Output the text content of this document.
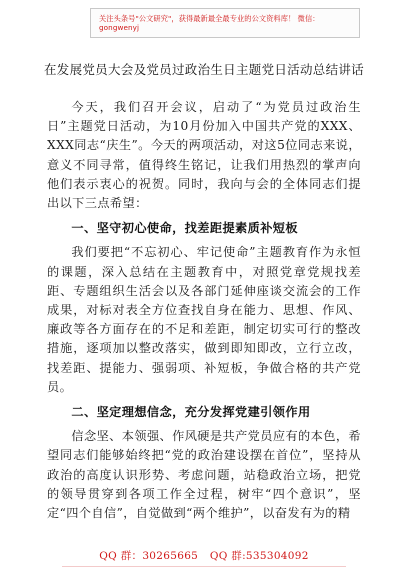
关注头条号"公文研究"，获得最新最全最专业的公文资料库！ 微信：gongwenyj
在发展党员大会及党员过政治生日主题党日活动总结讲话

今天，我们召开会议，启动了“为党员过政治生日”主题党日活动，为10月份加入中国共产党的XXX、XXX同志“庆生”。今天的两项活动，对这5位同志来说，意义不同寻常，值得终生铭记，让我们用热烈的掌声向他们表示衷心的祝贺。同时，我向与会的全体同志们提出以下三点希望：

一、坚守初心使命，找差距提素质补短板

我们要把“不忘初心、牢记使命”主题教育作为永恒的课题，深入总结在主题教育中，对照党章党规找差距、专题组织生活会以及各部门延伸座谈交流会的工作成果，对标对表全方位查找自身在能力、思想、作风、廉政等各方面存在的不足和差距，制定切实可行的整改措施，逐项加以整改落实，做到即知即改，立行立改，找差距、提能力、强弱项、补短板，争做合格的共产党员。

二、坚定理想信念，充分发挥党建引领作用

信念坚、本领强、作风硬是共产党员应有的本色，希望同志们能够始终把“党的政治建设摆在首位”，坚持从政治的高度认识形势、考虑问题，站稳政治立场，把党的领导贯穿到各项工作全过程，树牢“四个意识”，坚定“四个自信”，自觉做到“两个维护”，以奋发有为的精

QQ 群：30265665 QQ 群:535304092
